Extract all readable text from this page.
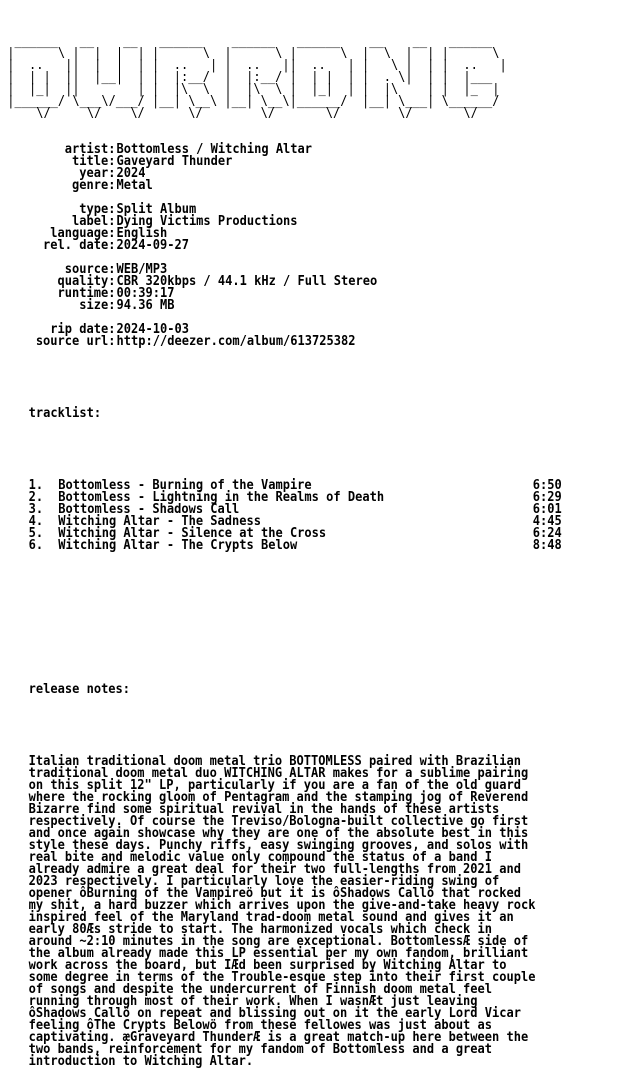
______   __    __   ______    ______   ______    __    __   ______
|      \ |  |  |  | |      \  |      \ |      \  |  \  |  | |      \
|  ..   ||  |  |  | |  ..   | |  ..   ||  ..   | |   \ |  | |  ..   |
|  | |  ||  |__|  | |  |:__/  |  |:__/ |  | |  | |  . \|  | |  |___
|  |_|  ||        | |  |\  \  |  |\  \ |  |_|  | |  |\    | |  |_  |
|______/ \___\/___/ |__| \__\ |__| \__\|______/  |__| \___| \______/
\/     \/    \/      \/        \/       \/        \/       \/

artist:Bottomless / Witching Altar
title:Gaveyard Thunder
year:2024
genre:Metal
type:Split Album
label:Dying Victims Productions
language:English
rel. date:2024-09-27
source:WEB/MP3
quality:CBR 320kbps / 44.1 kHz / Full Stereo
runtime:00:39:17
size:94.36 MB
rip date:2024-10-03
source url:http://deezer.com/album/613725382

tracklist:

1. Bottomless - Burning of the Vampire	6:50
2. Bottomless - Lightning in the Realms of Death	6:29
3. Bottomless - Shadows Call	6:01
4. Witching Altar - The Sadness	4:45
5. Witching Altar - Silence at the Cross	6:24
6. Witching Altar - The Crypts Below	8:48

release notes:

Italian traditional doom metal trio BOTTOMLESS paired with Brazilian
traditional doom metal duo WITCHING ALTAR makes for a sublime pairing
on this split 12" LP, particularly if you are a fan of the old guard
where the rocking gloom of Pentagram and the stamping jog of Reverend
Bizarre find some spiritual revival in the hands of these artists
respectively. Of course the Treviso/Bologna-built collective go first
and once again showcase why they are one of the absolute best in this
style these days. Punchy riffs, easy swinging grooves, and solos with
real bite and melodic value only compound the status of a band I
already admire a great deal for their two full-lengths from 2021 and
2023 respectively. I particularly love the easier-riding swing of
opener ôBurning of the Vampireö but it is ôShadows Callö that rocked
my shit, a hard buzzer which arrives upon the give-and-take heavy rock
inspired feel of the Maryland trad-doom metal sound and gives it an
early 80Æs stride to start. The harmonized vocals which check in
around ~2:10 minutes in the song are exceptional. BottomlessÆ side of
the album already made this LP essential per my own fandom, brilliant
work across the board, but IÆd been surprised by Witching Altar to
some degree in terms of the Trouble-esque step into their first couple
of songs and despite the undercurrent of Finnish doom metal feel
running through most of their work. When I wasnÆt just leaving
ôShadows Callö on repeat and blissing out on it the early Lord Vicar
feeling ôThe Crypts Belowö from these fellowes was just about as
captivating. æGraveyard ThunderÆ is a great match-up here between the
two bands, reinforcement for my fandom of Bottomless and a great
introduction to Witching Altar.
